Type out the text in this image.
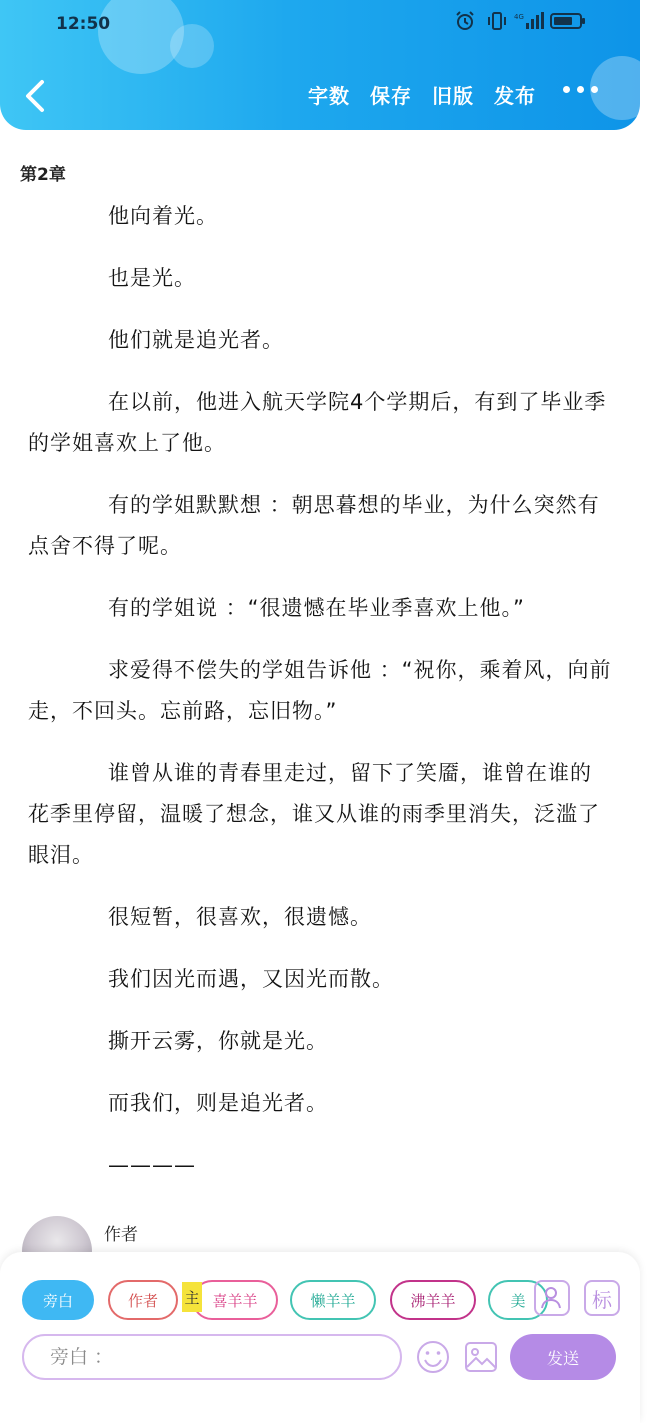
12:50	4G
字数 保存 旧版 发布
第2章

他向着光。

也是光。

他们就是追光者。

在以前，他进入航天学院4个学期后，有到了毕业季的学姐喜欢上了他。

有的学姐默默想 ：朝思暮想的毕业，为什么突然有点舍不得了呢。

有的学姐说 ：“很遗憾在毕业季喜欢上他。”

求爱得不偿失的学姐告诉他 ：“祝你，乘着风，向前走，不回头。忘前路，忘旧物。”

谁曾从谁的青春里走过，留下了笑靥，谁曾在谁的花季里停留，温暖了想念，谁又从谁的雨季里消失，泛滥了眼泪。

很短暂，很喜欢，很遗憾。

我们因光而遇，又因光而散。

撕开云雾，你就是光。

而我们，则是追光者。

————

作者
旁白	作者	主 喜羊羊	懒羊羊	沸羊羊	美	标
旁白 ：
发送
